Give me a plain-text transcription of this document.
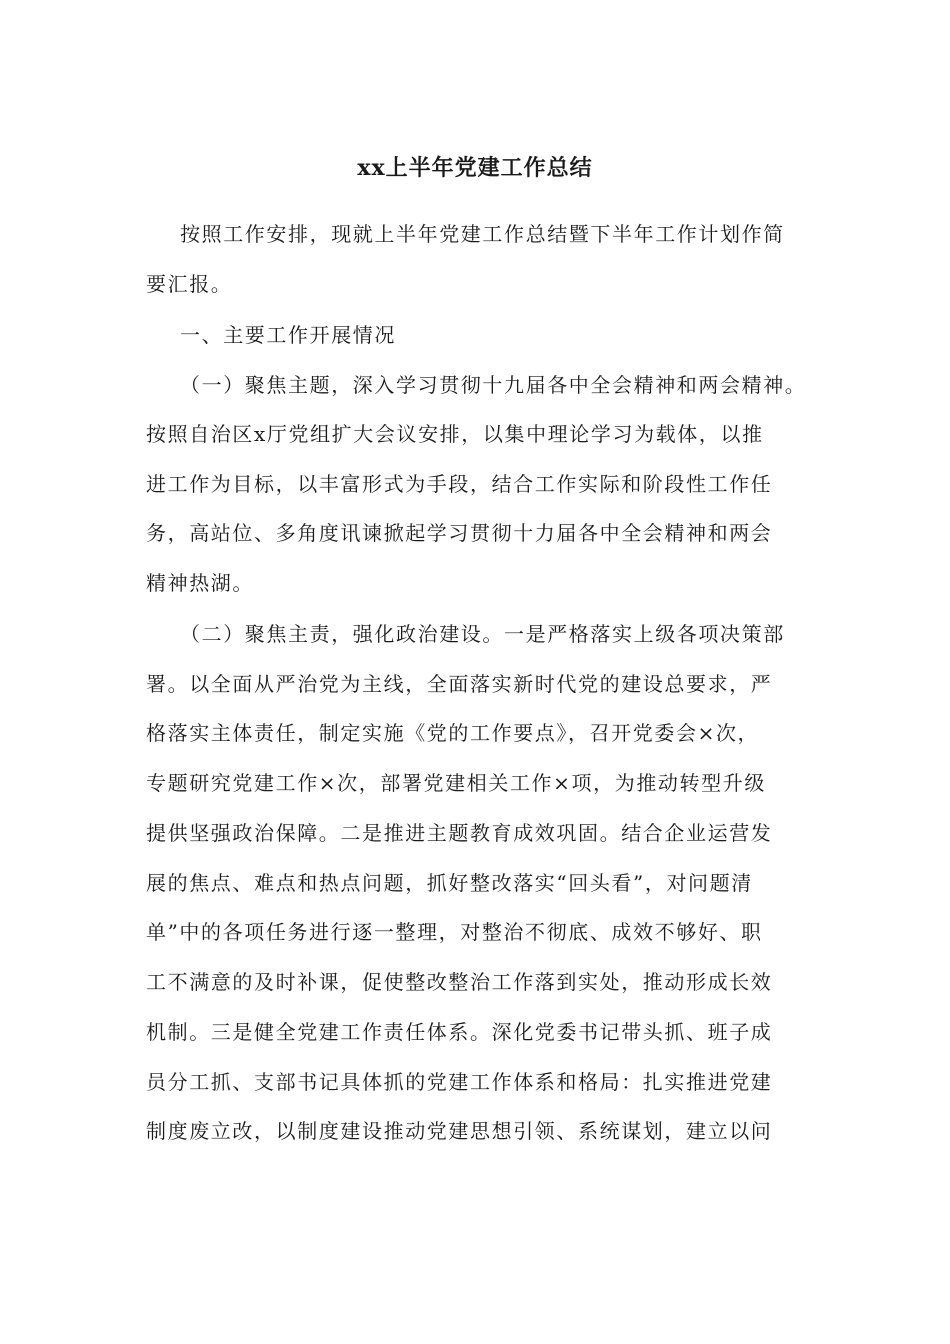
xx上半年党建工作总结
按照工作安排，现就上半年党建工作总结暨下半年工作计划作简
要汇报。
一、主要工作开展情况
（一）聚焦主题，深入学习贯彻十九届各中全会精神和两会精神。
按照自治区x厅党组扩大会议安排，以集中理论学习为载体，以推
进工作为目标，以丰富形式为手段，结合工作实际和阶段性工作任
务，高站位、多角度讯谏掀起学习贯彻十力届各中全会精神和两会
精神热湖。
（二）聚焦主责，强化政治建设。一是严格落实上级各项决策部
署。以全面从严治党为主线，全面落实新时代党的建设总要求，严
格落实主体责任，制定实施《党的工作要点》，召开党委会×次，
专题研究党建工作×次，部署党建相关工作×项，为推动转型升级
提供坚强政治保障。二是推进主题教育成效巩固。结合企业运营发
展的焦点、难点和热点问题，抓好整改落实“回头看”，对问题清
单”中的各项任务进行逐一整理，对整治不彻底、成效不够好、职
工不满意的及时补课，促使整改整治工作落到实处，推动形成长效
机制。三是健全党建工作责任体系。深化党委书记带头抓、班子成
员分工抓、支部书记具体抓的党建工作体系和格局：扎实推进党建
制度废立改，以制度建设推动党建思想引领、系统谋划，建立以问
